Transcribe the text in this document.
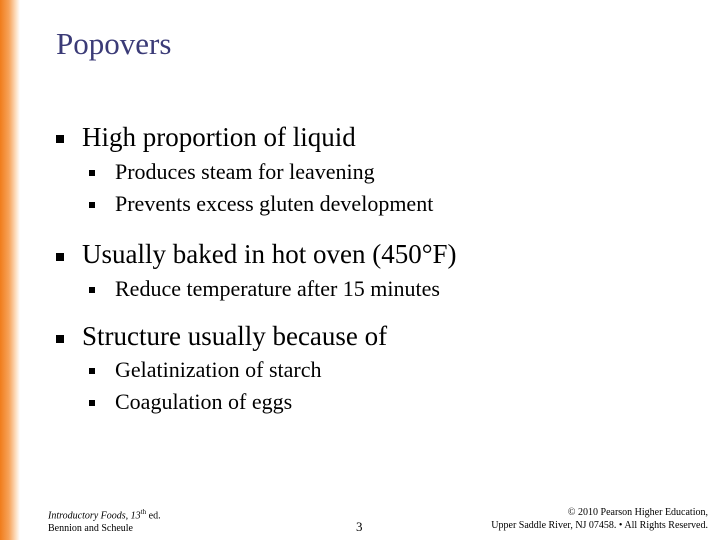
Popovers
High proportion of liquid
Produces steam for leavening
Prevents excess gluten development
Usually baked in hot oven (450°F)
Reduce temperature after 15 minutes
Structure usually because of
Gelatinization of starch
Coagulation of eggs
Introductory Foods, 13th ed.
Bennion and Scheule	3
© 2010 Pearson Higher Education,
Upper Saddle River, NJ 07458. • All Rights Reserved.
